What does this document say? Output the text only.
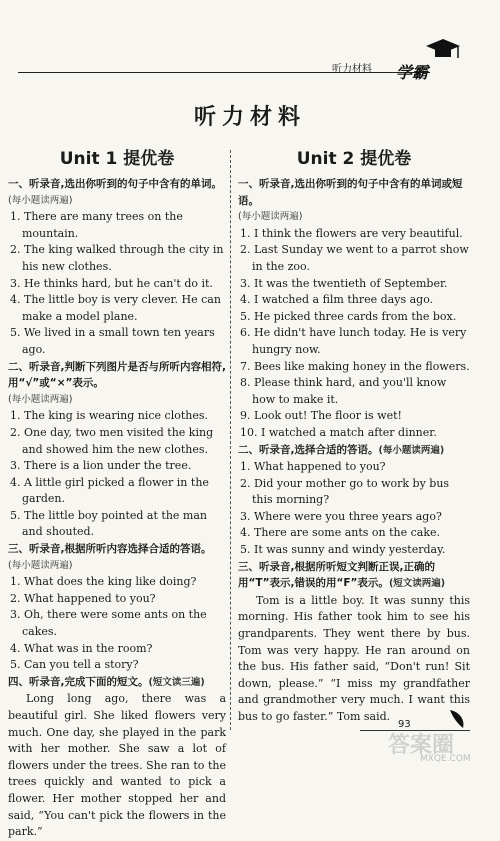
听力材料 学霸
听力材料
Unit 1 提优卷

一、听录音,选出你听到的句子中含有的单词。

(每小题读两遍)

1. There are many trees on the mountain.

2. The king walked through the city in his new clothes.

3. He thinks hard, but he can't do it.

4. The little boy is very clever. He can make a model plane.

5. We lived in a small town ten years ago.

二、听录音,判断下列图片是否与所听内容相符,用“√”或“×”表示。

(每小题读两遍)

1. The king is wearing nice clothes.

2. One day, two men visited the king and showed him the new clothes.

3. There is a lion under the tree.

4. A little girl picked a flower in the garden.

5. The little boy pointed at the man and shouted.

三、听录音,根据所听内容选择合适的答语。

(每小题读两遍)

1. What does the king like doing?

2. What happened to you?

3. Oh, there were some ants on the cakes.

4. What was in the room?

5. Can you tell a story?

四、听录音,完成下面的短文。(短文读三遍)

Long long ago, there was a beautiful girl. She liked flowers very much. One day, she played in the park with her mother. She saw a lot of flowers under the trees. She ran to the trees quickly and wanted to pick a flower. Her mother stopped her and said, “You can't pick the flowers in the park.”

Unit 2 提优卷

一、听录音,选出你听到的句子中含有的单词或短语。

(每小题读两遍)

1. I think the flowers are very beautiful.

2. Last Sunday we went to a parrot show in the zoo.

3. It was the twentieth of September.

4. I watched a film three days ago.

5. He picked three cards from the box.

6. He didn't have lunch today. He is very hungry now.

7. Bees like making honey in the flowers.

8. Please think hard, and you'll know how to make it.

9. Look out! The floor is wet!

10. I watched a match after dinner.

二、听录音,选择合适的答语。(每小题读两遍)

1. What happened to you?

2. Did your mother go to work by bus this morning?

3. Where were you three years ago?

4. There are some ants on the cake.

5. It was sunny and windy yesterday.

三、听录音,根据所听短文判断正误,正确的用“T”表示,错误的用“F”表示。(短文读两遍)

Tom is a little boy. It was sunny this morning. His father took him to see his grandparents. They went there by bus. Tom was very happy. He ran around on the bus. His father said, “Don't run! Sit down, please.” “I miss my grandfather and grandmother very much. I want this bus to go faster.” Tom said.

93
答案圈
MXQE.COM
